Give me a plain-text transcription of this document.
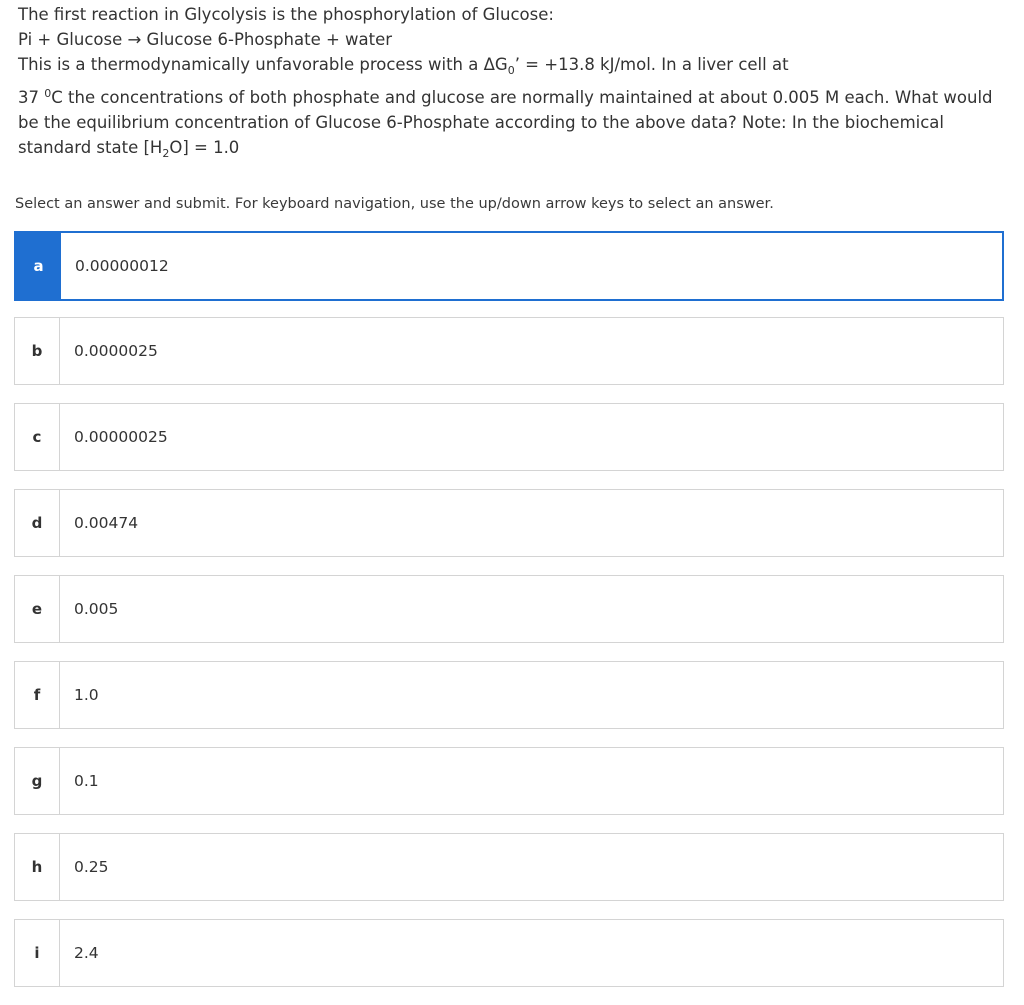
The first reaction in Glycolysis is the phosphorylation of Glucose:
Pi + Glucose → Glucose 6-Phosphate + water
This is a thermodynamically unfavorable process with a $\Delta G_0$’ = +13.8 kJ/mol. In a liver cell at
37 $^0$C the concentrations of both phosphate and glucose are normally maintained at about 0.005 M each. What would be the equilibrium concentration of Glucose 6-Phosphate according to the above data? Note: In the biochemical standard state $[H_2O] = 1.0$
Select an answer and submit. For keyboard navigation, use the up/down arrow keys to select an answer.
a	0.00000012
b	0.0000025
c	0.00000025
d	0.00474
e	0.005
f	1.0
g	0.1
h	0.25
i	2.4
